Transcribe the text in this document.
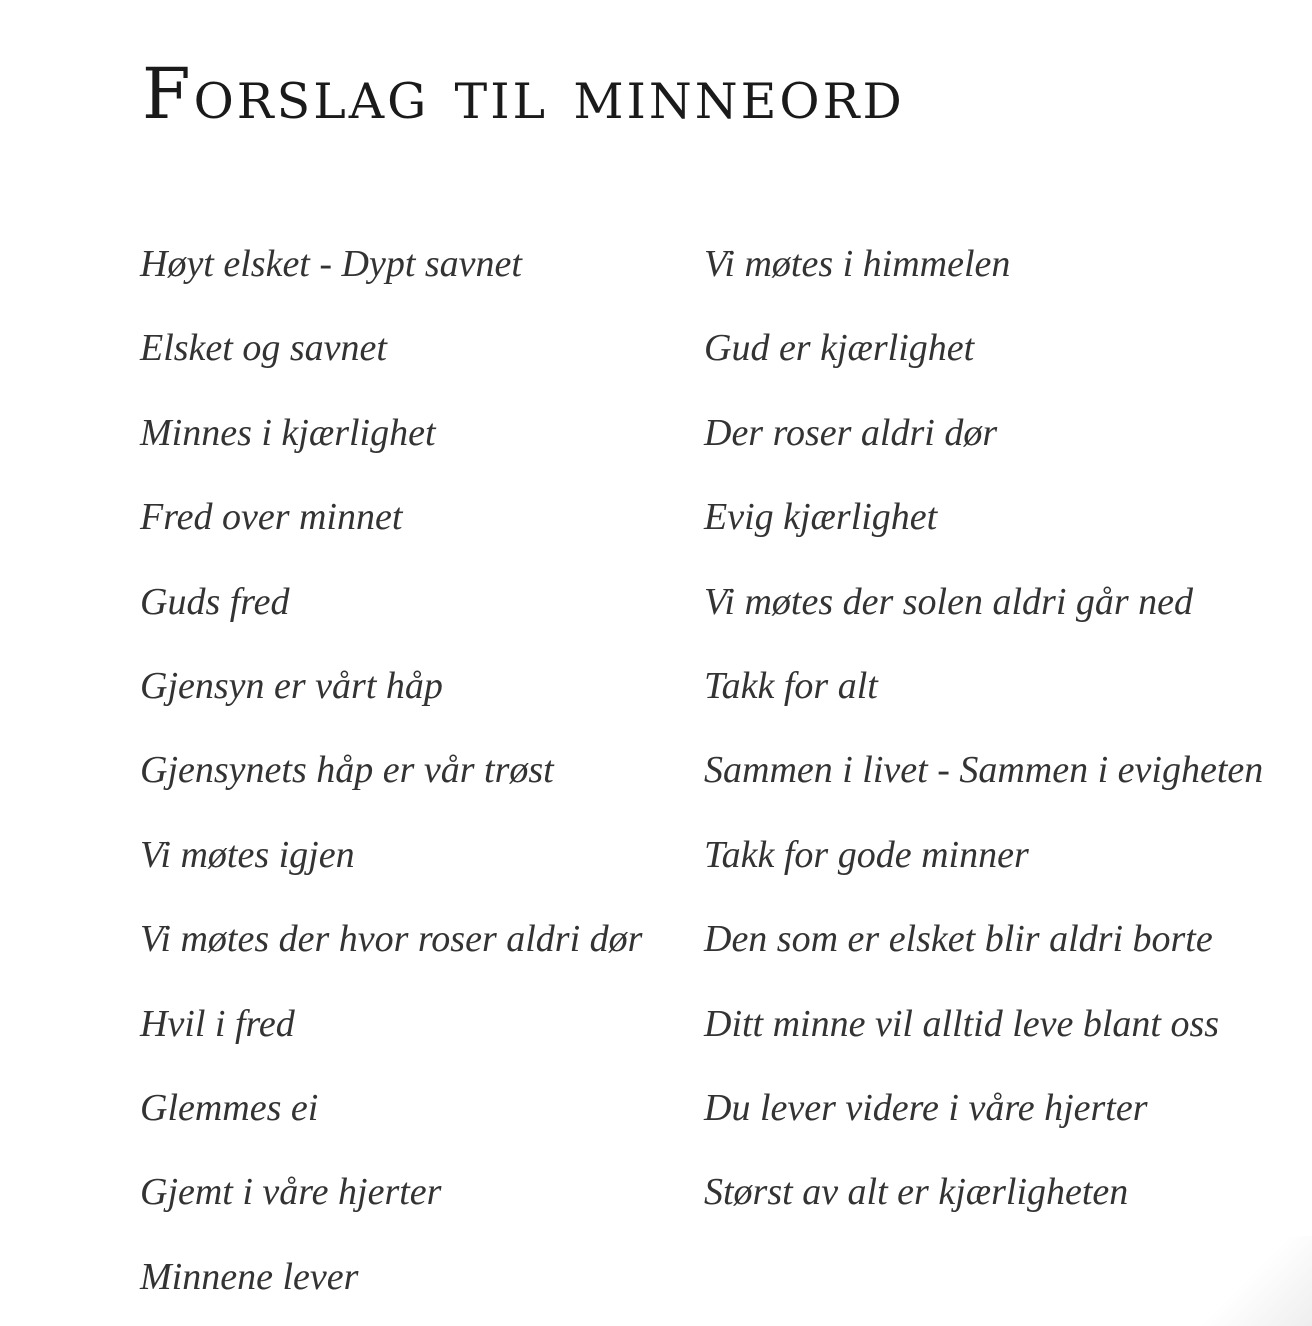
Forslag til minneord
Høyt elsket - Dypt savnet
Elsket og savnet
Minnes i kjærlighet
Fred over minnet
Guds fred
Gjensyn er vårt håp
Gjensynets håp er vår trøst
Vi møtes igjen
Vi møtes der hvor roser aldri dør
Hvil i fred
Glemmes ei
Gjemt i våre hjerter
Minnene lever
Vi møtes i himmelen
Gud er kjærlighet
Der roser aldri dør
Evig kjærlighet
Vi møtes der solen aldri går ned
Takk for alt
Sammen i livet - Sammen i evigheten
Takk for gode minner
Den som er elsket blir aldri borte
Ditt minne vil alltid leve blant oss
Du lever videre i våre hjerter
Størst av alt er kjærligheten
